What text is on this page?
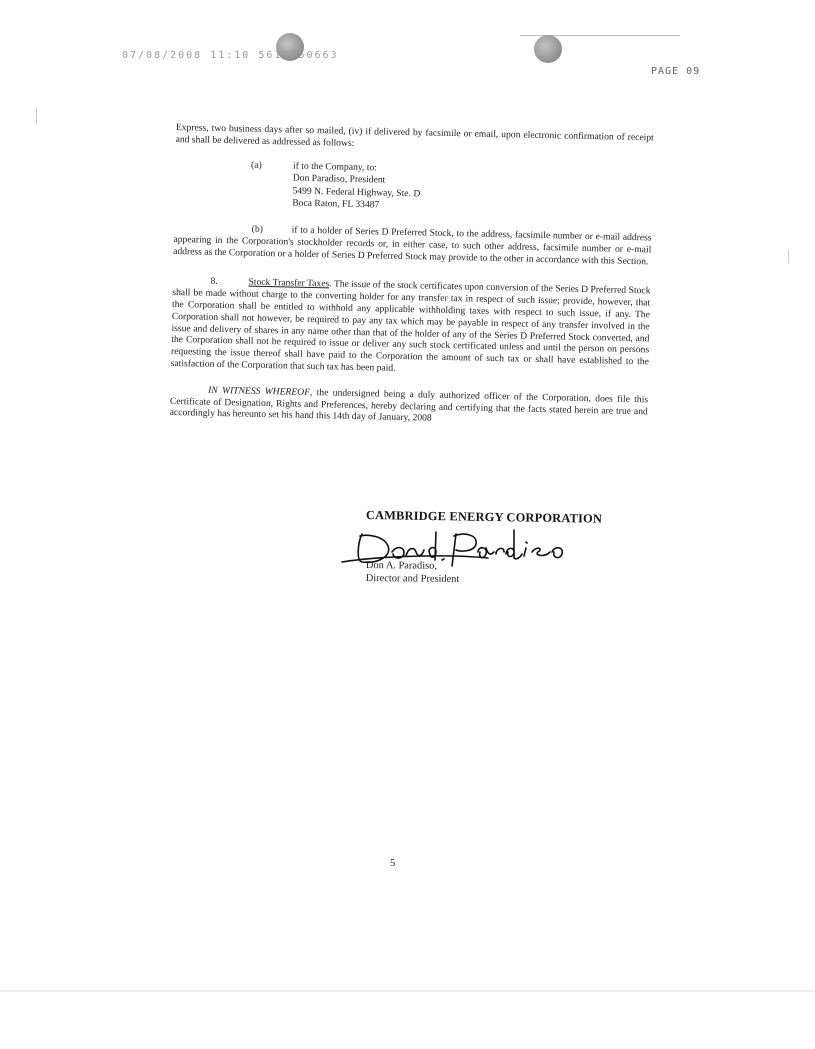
07/08/2008 11:10 5613950663
PAGE 09

Express, two business days after so mailed, (iv) if delivered by facsimile or email, upon electronic confirmation of receipt and shall be delivered as addressed as follows:

(a)	if to the Company, to:
Don Paradiso, President
5499 N. Federal Highway, Ste. D
Boca Raton, FL 33487

(b)	if to a holder of Series D Preferred Stock, to the address, facsimile number or e-mail address appearing in the Corporation's stockholder records or, in either case, to such other address, facsimile number or e-mail address as the Corporation or a holder of Series D Preferred Stock may provide to the other in accordance with this Section.

8.	Stock Transfer Taxes. The issue of the stock certificates upon conversion of the Series D Preferred Stock shall be made without charge to the converting holder for any transfer tax in respect of such issue; provide, however, that the Corporation shall be entitled to withhold any applicable withholding taxes with respect to such issue, if any. The Corporation shall not however, be required to pay any tax which may be payable in respect of any transfer involved in the issue and delivery of shares in any name other than that of the holder of any of the Series D Preferred Stock converted, and the Corporation shall not be required to issue or deliver any such stock certificated unless and until the person on persons requesting the issue thereof shall have paid to the Corporation the amount of such tax or shall have established to the satisfaction of the Corporation that such tax has been paid.

IN WITNESS WHEREOF, the undersigned being a duly authorized officer of the Corporation, does file this Certificate of Designation, Rights and Preferences, hereby declaring and certifying that the facts stated herein are true and accordingly has hereunto set his hand this 14th day of January, 2008

CAMBRIDGE ENERGY CORPORATION
Don A. Paradiso
Don A. Paradiso,
Director and President
5
